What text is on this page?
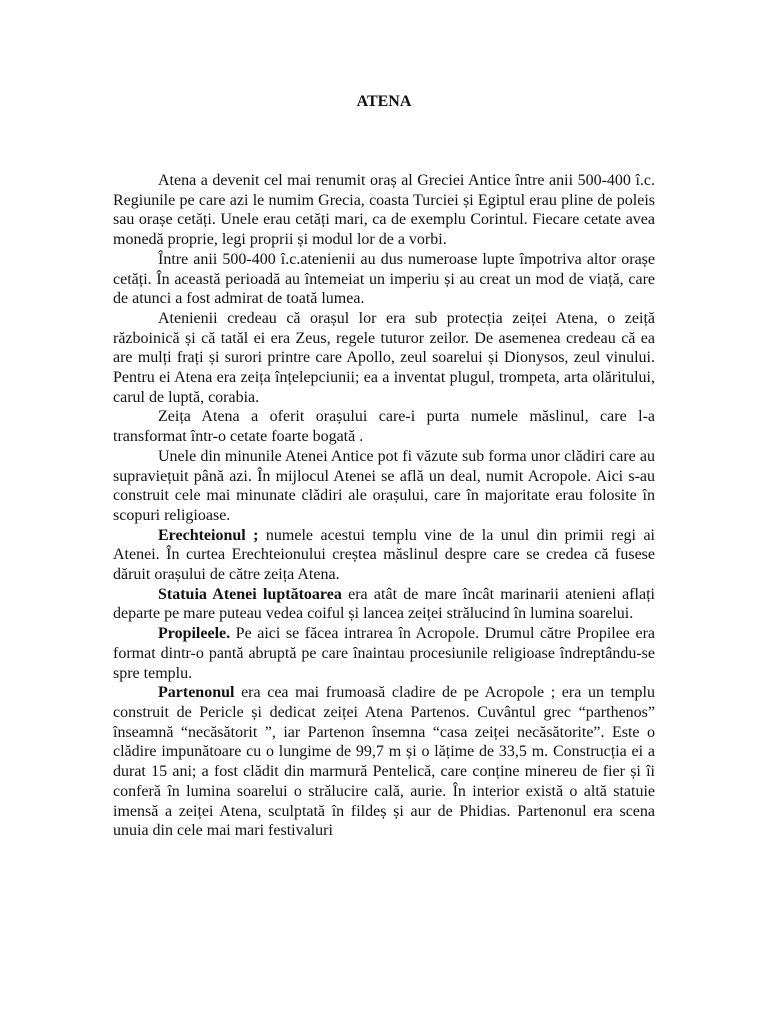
ATENA

Atena a devenit cel mai renumit oraș al Greciei Antice între anii 500-400 î.c. Regiunile pe care azi le numim Grecia, coasta Turciei și Egiptul erau pline de poleis sau orașe cetăți. Unele erau cetăți mari, ca de exemplu Corintul. Fiecare cetate avea monedă proprie, legi proprii și modul lor de a vorbi.

Între anii 500-400 î.c.atenienii au dus numeroase lupte împotriva altor orașe cetăți. În această perioadă au întemeiat un imperiu și au creat un mod de viață, care de atunci a fost admirat de toată lumea.

Atenienii credeau că orașul lor era sub protecția zeiței Atena, o zeiță războinică și că tatăl ei era Zeus, regele tuturor zeilor. De asemenea credeau că ea are mulți frați și surori printre care Apollo, zeul soarelui și Dionysos, zeul vinului. Pentru ei Atena era zeița înțelepciunii; ea a inventat plugul, trompeta, arta olăritului, carul de luptă, corabia.

Zeița Atena a oferit orașului care-i purta numele măslinul, care l-a transformat într-o cetate foarte bogată .

Unele din minunile Atenei Antice pot fi văzute sub forma unor clădiri care au supraviețuit până azi. În mijlocul Atenei se află un deal, numit Acropole. Aici s-au construit cele mai minunate clădiri ale orașului, care în majoritate erau folosite în scopuri religioase.

Erechteionul ; numele acestui templu vine de la unul din primii regi ai Atenei. În curtea Erechteionului creștea măslinul despre care se credea că fusese dăruit orașului de către zeița Atena.

Statuia Atenei luptătoarea era atât de mare încât marinarii atenieni aflați departe pe mare puteau vedea coiful și lancea zeiței strălucind în lumina soarelui.

Propileele. Pe aici se făcea intrarea în Acropole. Drumul către Propilee era format dintr-o pantă abruptă pe care înaintau procesiunile religioase îndreptându-se spre templu.

Partenonul era cea mai frumoasă cladire de pe Acropole ; era un templu construit de Pericle și dedicat zeiței Atena Partenos. Cuvântul grec “parthenos” înseamnă “necăsătorit ”, iar Partenon însemna “casa zeiței necăsătorite”. Este o clădire impunătoare cu o lungime de 99,7 m și o lățime de 33,5 m. Construcția ei a durat 15 ani; a fost clădit din marmură Pentelică, care conține minereu de fier și îi conferă în lumina soarelui o strălucire cală, aurie. În interior există o altă statuie imensă a zeiței Atena, sculptată în fildeș și aur de Phidias. Partenonul era scena unuia din cele mai mari festivaluri
